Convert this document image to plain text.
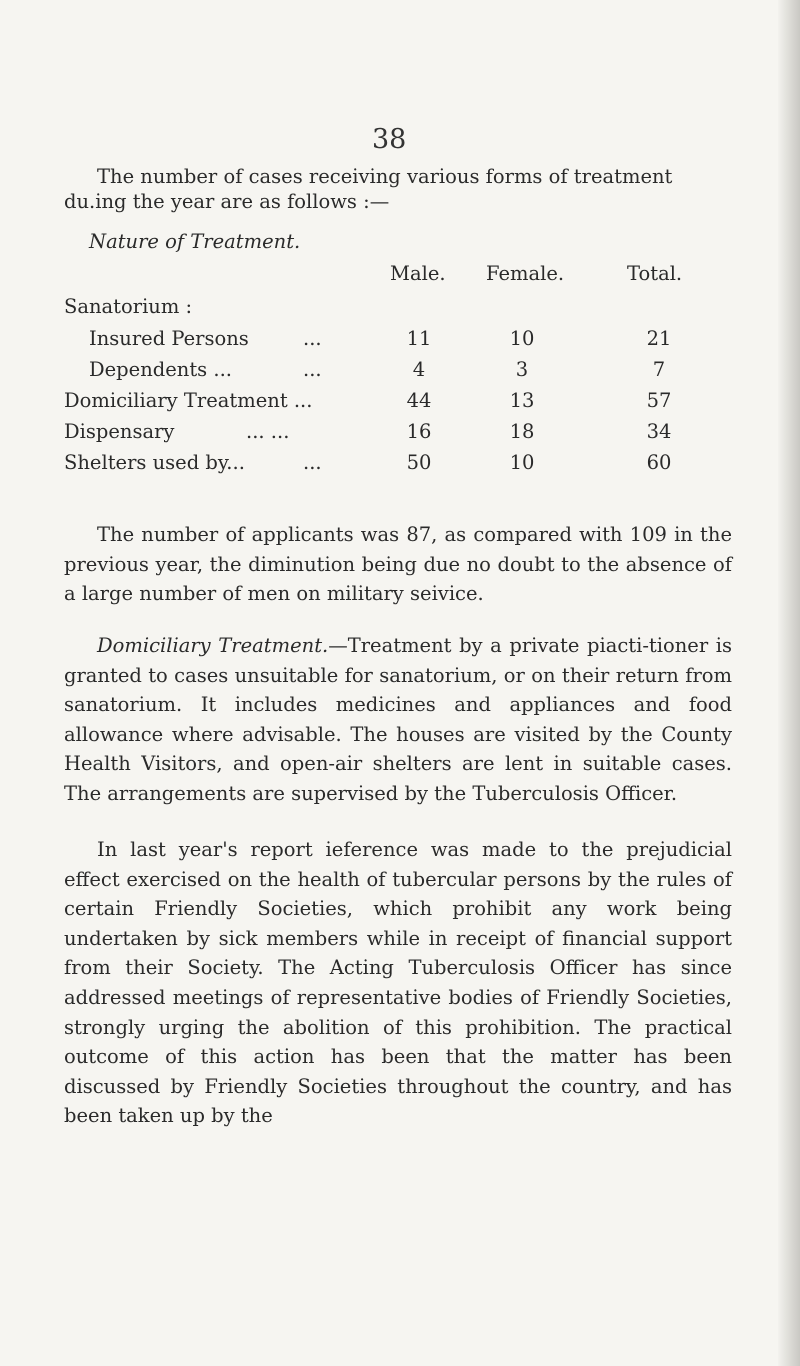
38
The number of cases receiving various forms of treatment
du.ing the year are as follows :—
Nature of Treatment.
Male. Female.	Total.
Sanatorium :
Insured Persons	...	11	10	21
Dependents ...	...	4	3	7
Domiciliary Treatment ...	44	13	57
Dispensary	... ...	16	18	34
Shelters used by...	...	50	10	60
The number of applicants was 87, as compared with 109 in the previous year, the diminution being due no doubt to the absence of a large number of men on military seivice.
Domiciliary Treatment.—Treatment by a private piacti-tioner is granted to cases unsuitable for sanatorium, or on their return from sanatorium. It includes medicines and appliances and food allowance where advisable. The houses are visited by the County Health Visitors, and open-air shelters are lent in suitable cases. The arrangements are supervised by the Tuberculosis Officer.
In last year's report ieference was made to the prejudicial effect exercised on the health of tubercular persons by the rules of certain Friendly Societies, which prohibit any work being undertaken by sick members while in receipt of financial support from their Society. The Acting Tuberculosis Officer has since addressed meetings of representative bodies of Friendly Societies, strongly urging the abolition of this prohibition. The practical outcome of this action has been that the matter has been discussed by Friendly Societies throughout the country, and has been taken up by the
